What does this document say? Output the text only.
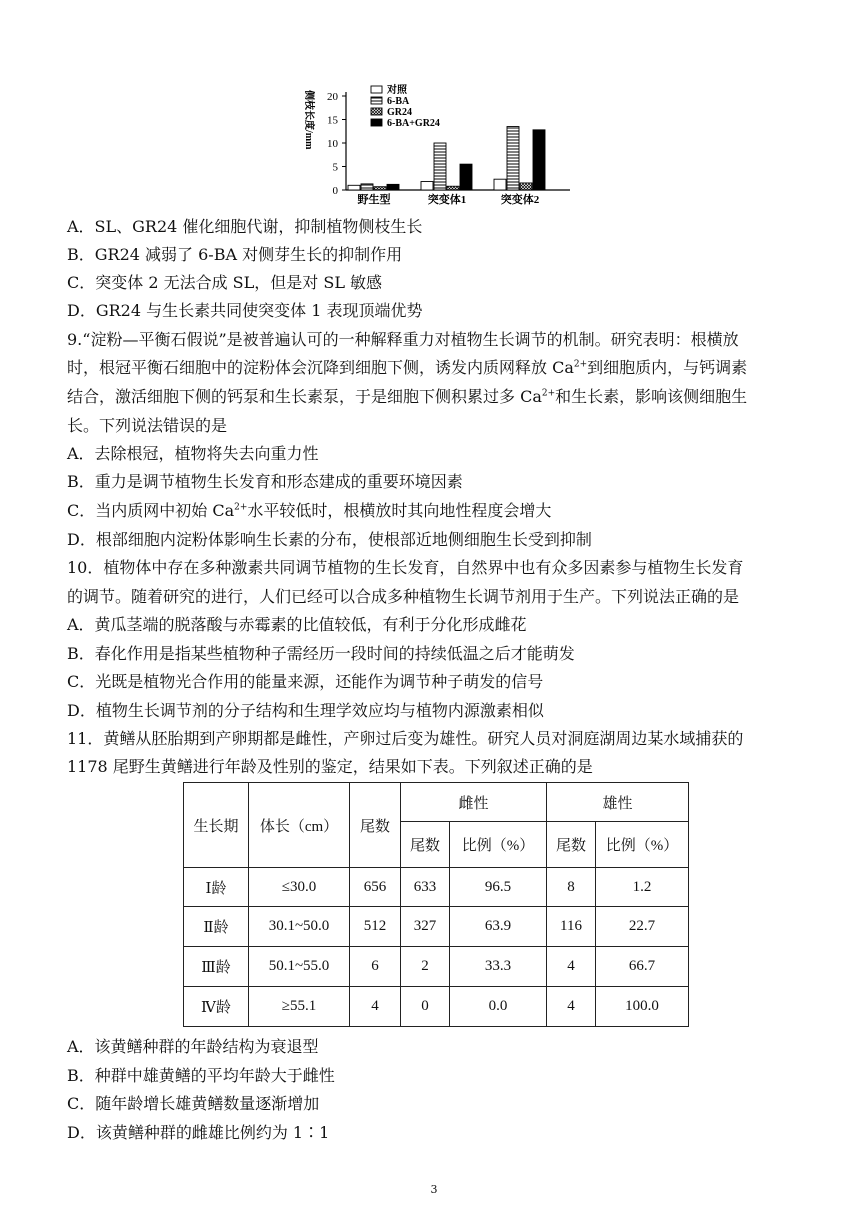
侧枝长度/mm
0
5
10
15
20
野生型	突变体1	突变体2
对照
6-BA
GR24
6-BA+GR24
A．SL、GR24 催化细胞代谢，抑制植物侧枝生长
B．GR24 减弱了 6-BA 对侧芽生长的抑制作用
C．突变体 2 无法合成 SL，但是对 SL 敏感
D．GR24 与生长素共同使突变体 1 表现顶端优势
9.“淀粉—平衡石假说”是被普遍认可的一种解释重力对植物生长调节的机制。研究表明：根横放
时，根冠平衡石细胞中的淀粉体会沉降到细胞下侧，诱发内质网释放 $Ca^{2+}$到细胞质内，与钙调素
结合，激活细胞下侧的钙泵和生长素泵，于是细胞下侧积累过多 $Ca^{2+}$和生长素，影响该侧细胞生
长。下列说法错误的是
A．去除根冠，植物将失去向重力性
B．重力是调节植物生长发育和形态建成的重要环境因素
C．当内质网中初始 $Ca^{2+}$水平较低时，根横放时其向地性程度会增大
D．根部细胞内淀粉体影响生长素的分布，使根部近地侧细胞生长受到抑制
10．植物体中存在多种激素共同调节植物的生长发育，自然界中也有众多因素参与植物生长发育
的调节。随着研究的进行，人们已经可以合成多种植物生长调节剂用于生产。下列说法正确的是
A．黄瓜茎端的脱落酸与赤霉素的比值较低，有利于分化形成雌花
B．春化作用是指某些植物种子需经历一段时间的持续低温之后才能萌发
C．光既是植物光合作用的能量来源，还能作为调节种子萌发的信号
D．植物生长调节剂的分子结构和生理学效应均与植物内源激素相似
11．黄鳝从胚胎期到产卵期都是雌性，产卵过后变为雄性。研究人员对洞庭湖周边某水域捕获的
1178 尾野生黄鳝进行年龄及性别的鉴定，结果如下表。下列叙述正确的是
生长期	体长（cm）	尾数	雌性		雄性	
			尾数	比例（%）	尾数	比例（%）
Ⅰ龄	≤30.0	656	633	96.5	8	1.2
Ⅱ龄	30.1~50.0	512	327	63.9	116	22.7
Ⅲ龄	50.1~55.0	6	2	33.3	4	66.7
Ⅳ龄	≥55.1	4	0	0.0	4	100.0
A．该黄鳝种群的年龄结构为衰退型
B．种群中雄黄鳝的平均年龄大于雌性
C．随年龄增长雄黄鳝数量逐渐增加
D．该黄鳝种群的雌雄比例约为 1∶1
3
